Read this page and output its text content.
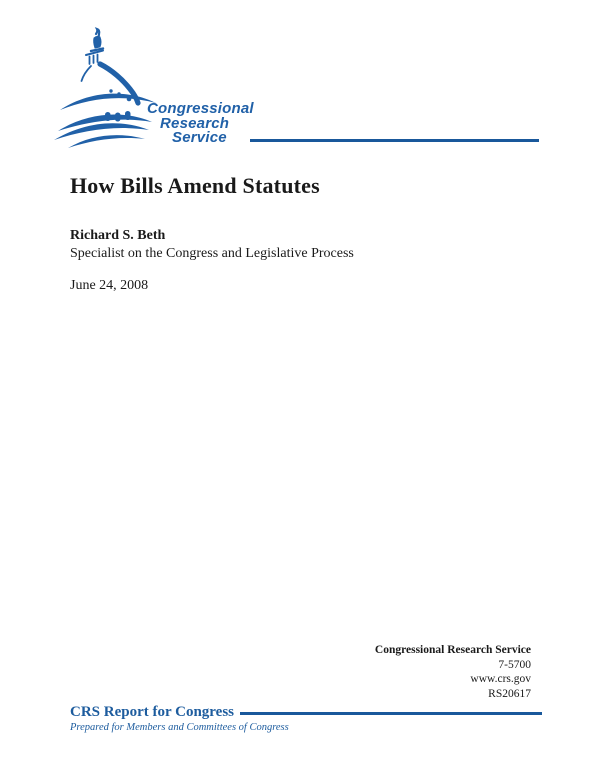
Congressional
Research
Service
How Bills Amend Statutes
Richard S. Beth
Specialist on the Congress and Legislative Process
June 24, 2008
Congressional Research Service
7-5700
www.crs.gov
RS20617
CRS Report for Congress
Prepared for Members and Committees of Congress
